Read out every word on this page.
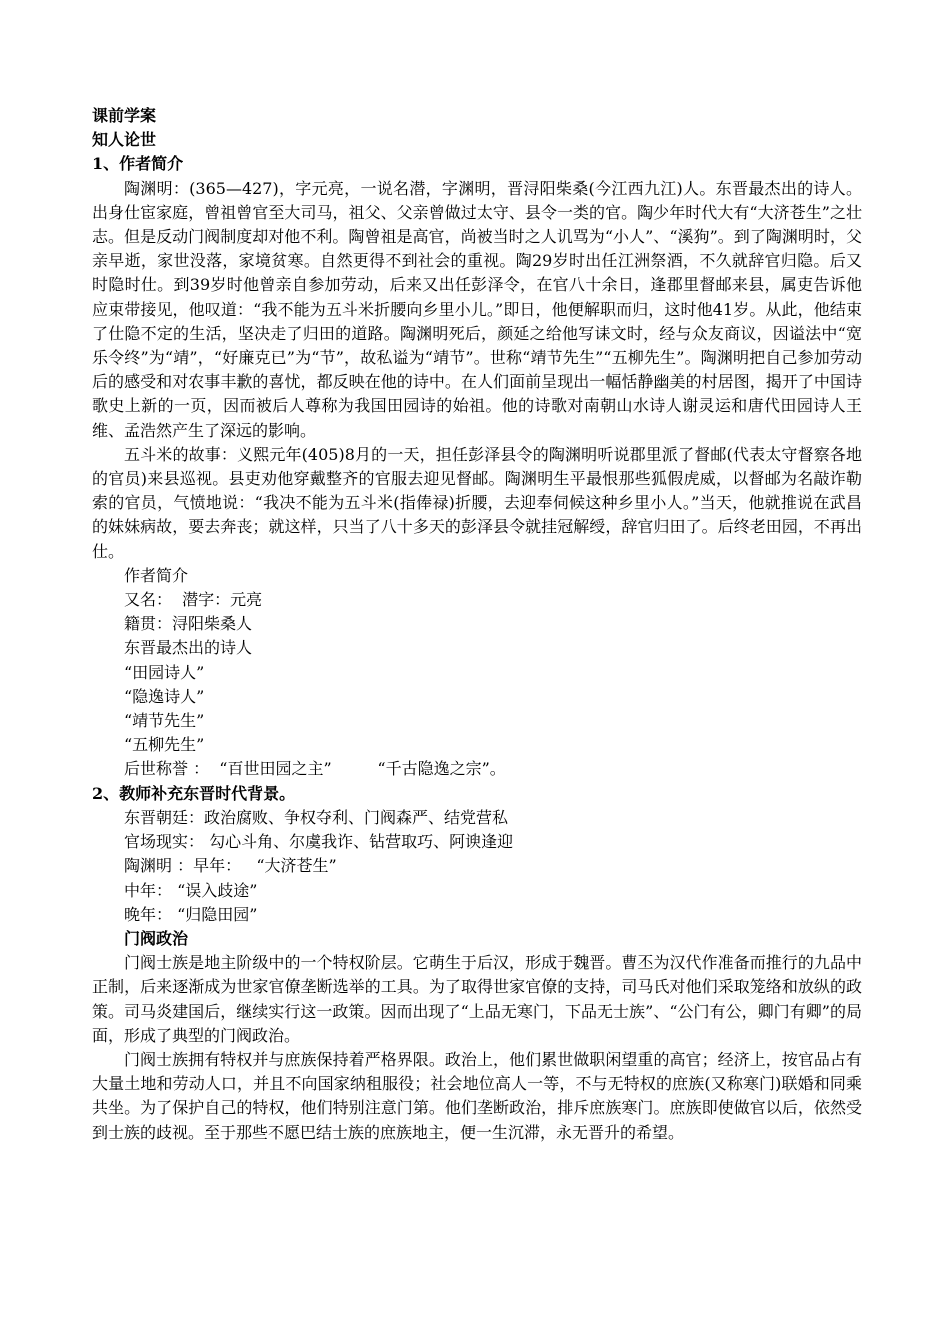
课前学案
知人论世
1、作者简介
陶渊明：(365—427)，字元亮，一说名潜，字渊明，晋浔阳柴桑(今江西九江)人。东晋最杰出的诗人。出身仕宦家庭，曾祖曾官至大司马，祖父、父亲曾做过太守、县令一类的官。陶少年时代大有“大济苍生”之壮志。但是反动门阀制度却对他不利。陶曾祖是高官，尚被当时之人讥骂为“小人”、“溪狗”。到了陶渊明时，父亲早逝，家世没落，家境贫寒。自然更得不到社会的重视。陶29岁时出任江洲祭酒，不久就辞官归隐。后又时隐时仕。到39岁时他曾亲自参加劳动，后来又出任彭泽令，在官八十余日，逢郡里督邮来县，属吏告诉他应束带接见，他叹道：“我不能为五斗米折腰向乡里小儿。”即日，他便解职而归，这时他41岁。从此，他结束了仕隐不定的生活，坚决走了归田的道路。陶渊明死后，颜延之给他写诔文时，经与众友商议，因谥法中“宽乐令终”为“靖”，“好廉克已”为“节”，故私谥为“靖节”。世称“靖节先生”“五柳先生”。陶渊明把自己参加劳动后的感受和对农事丰歉的喜忧，都反映在他的诗中。在人们面前呈现出一幅恬静幽美的村居图，揭开了中国诗歌史上新的一页，因而被后人尊称为我国田园诗的始祖。他的诗歌对南朝山水诗人谢灵运和唐代田园诗人王维、孟浩然产生了深远的影响。
五斗米的故事：义熙元年(405)8月的一天，担任彭泽县令的陶渊明听说郡里派了督邮(代表太守督察各地的官员)来县巡视。县吏劝他穿戴整齐的官服去迎见督邮。陶渊明生平最恨那些狐假虎威，以督邮为名敲诈勒索的官员，气愤地说：“我决不能为五斗米(指俸禄)折腰，去迎奉伺候这种乡里小人。”当天，他就推说在武昌的妹妹病故，要去奔丧；就这样，只当了八十多天的彭泽县令就挂冠解绶，辞官归田了。后终老田园，不再出仕。
作者简介
又名：  潜字：元亮
籍贯：浔阳柴桑人
东晋最杰出的诗人
“田园诗人”
“隐逸诗人”
“靖节先生”
“五柳先生”
后世称誉 ：  “百世田园之主”         “千古隐逸之宗”。
2、教师补充东晋时代背景。
东晋朝廷：政治腐败、争权夺利、门阀森严、结党营私
官场现实： 勾心斗角、尔虞我诈、钻营取巧、阿谀逢迎
陶渊明 ：早年：   “大济苍生”
中年： “误入歧途”
晚年： “归隐田园”
门阀政治
门阀士族是地主阶级中的一个特权阶层。它萌生于后汉，形成于魏晋。曹丕为汉代作准备而推行的九品中正制，后来逐渐成为世家官僚垄断选举的工具。为了取得世家官僚的支持，司马氏对他们采取笼络和放纵的政策。司马炎建国后，继续实行这一政策。因而出现了“上品无寒门，下品无士族”、“公门有公，卿门有卿”的局面，形成了典型的门阀政治。
门阀士族拥有特权并与庶族保持着严格界限。政治上，他们累世做职闲望重的高官；经济上，按官品占有大量土地和劳动人口，并且不向国家纳租服役；社会地位高人一等，不与无特权的庶族(又称寒门)联婚和同乘共坐。为了保护自己的特权，他们特别注意门第。他们垄断政治，排斥庶族寒门。庶族即使做官以后，依然受到士族的歧视。至于那些不愿巴结士族的庶族地主，便一生沉滞，永无晋升的希望。
